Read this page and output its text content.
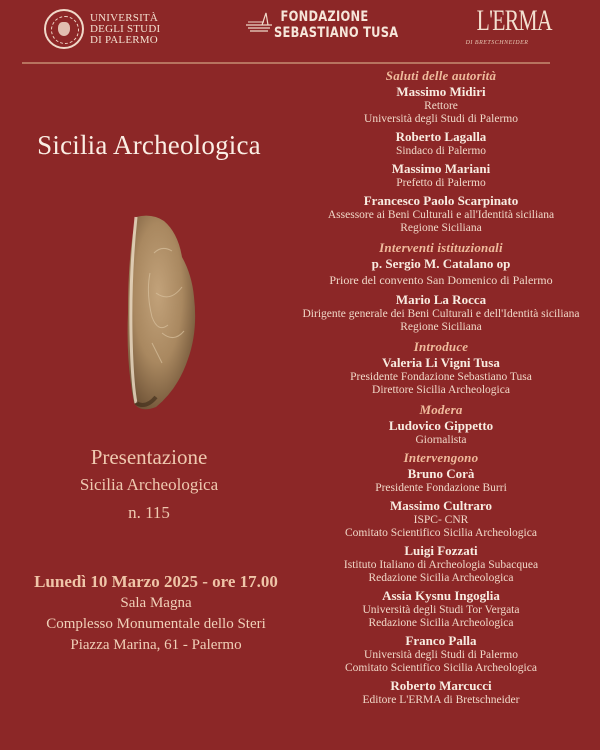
UNIVERSITÀ
DEGLI STUDI
DI PALERMO
FONDAZIONE
SEBASTIANO TUSA	L'ERMA
DI BRETSCHNEIDER
Sicilia Archeologica
Presentazione
Sicilia Archeologica
n. 115
Lunedì 10 Marzo 2025 - ore 17.00
Sala Magna
Complesso Monumentale dello Steri
Piazza Marina, 61 - Palermo
Saluti delle autorità
Massimo Midiri
Rettore
Università degli Studi di Palermo
Roberto Lagalla
Sindaco di Palermo
Massimo Mariani
Prefetto di Palermo
Francesco Paolo Scarpinato
Assessore ai Beni Culturali e all'Identità siciliana
Regione Siciliana
Interventi istituzionali
p. Sergio M. Catalano op
Priore del convento San Domenico di Palermo
Mario La Rocca
Dirigente generale dei Beni Culturali e dell'Identità siciliana
Regione Siciliana
Introduce
Valeria Li Vigni Tusa
Presidente Fondazione Sebastiano Tusa
Direttore Sicilia Archeologica
Modera
Ludovico Gippetto
Giornalista
Intervengono
Bruno Corà
Presidente Fondazione Burri
Massimo Cultraro
ISPC- CNR
Comitato Scientifico Sicilia Archeologica
Luigi Fozzati
Istituto Italiano di Archeologia Subacquea
Redazione Sicilia Archeologica
Assia Kysnu Ingoglia
Università degli Studi Tor Vergata
Redazione Sicilia Archeologica
Franco Palla
Università degli Studi di Palermo
Comitato Scientifico Sicilia Archeologica
Roberto Marcucci
Editore L'ERMA di Bretschneider
